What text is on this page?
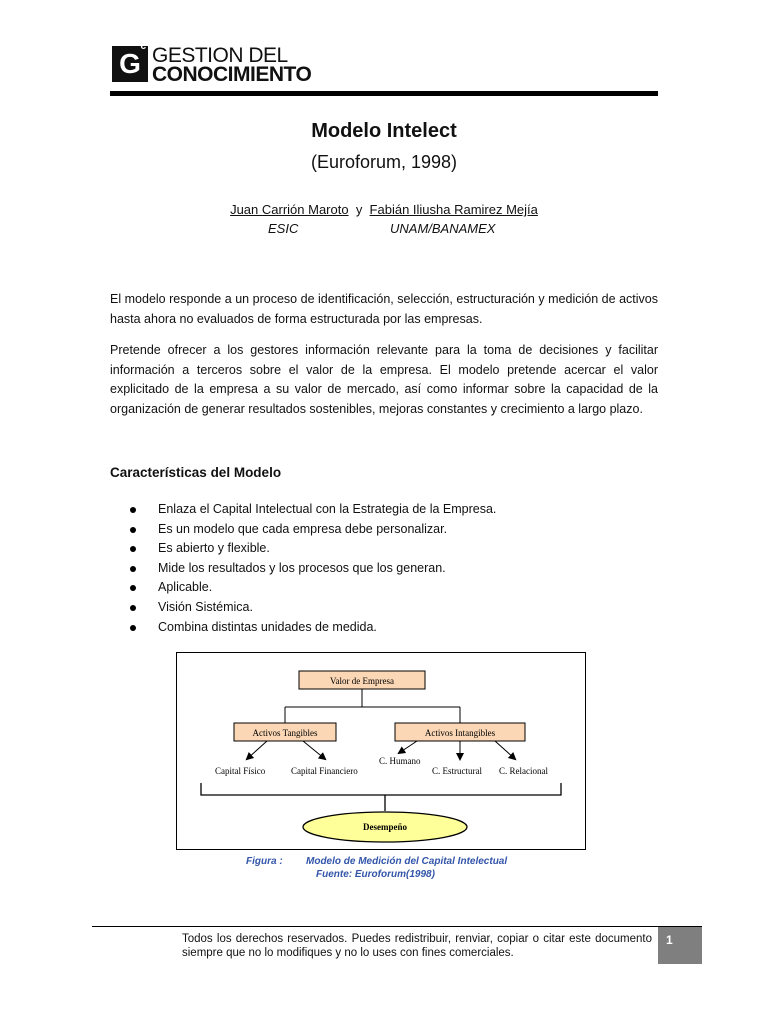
G
c GESTION DEL
CONOCIMIENTO
Modelo Intelect
(Euroforum, 1998)
Juan Carrión Maroto y Fabián Iliusha Ramirez Mejía
ESIC	UNAM/BANAMEX
El modelo responde a un proceso de identificación, selección, estructuración y medición de activos hasta ahora no evaluados de forma estructurada por las empresas.
Pretende ofrecer a los gestores información relevante para la toma de decisiones y facilitar información a terceros sobre el valor de la empresa. El modelo pretende acercar el valor explicitado de la empresa a su valor de mercado, así como informar sobre la capacidad de la organización de generar resultados sostenibles, mejoras constantes y crecimiento a largo plazo.
Características del Modelo
Enlaza el Capital Intelectual con la Estrategia de la Empresa.
Es un modelo que cada empresa debe personalizar.
Es abierto y flexible.
Mide los resultados y los procesos que los generan.
Aplicable.
Visión Sistémica.
Combina distintas unidades de medida.
Valor de Empresa
Activos Tangibles	Activos Intangibles
Capital Físico	Capital Financiero
C. Humano
C. Estructural C. Relacional
Desempeño
Figura : Modelo de Medición del Capital Intelectual
Fuente: Euroforum(1998)
Todos los derechos reservados. Puedes redistribuir, renviar, copiar o citar este documento siempre que no lo modifiques y no lo uses con fines comerciales.
1
